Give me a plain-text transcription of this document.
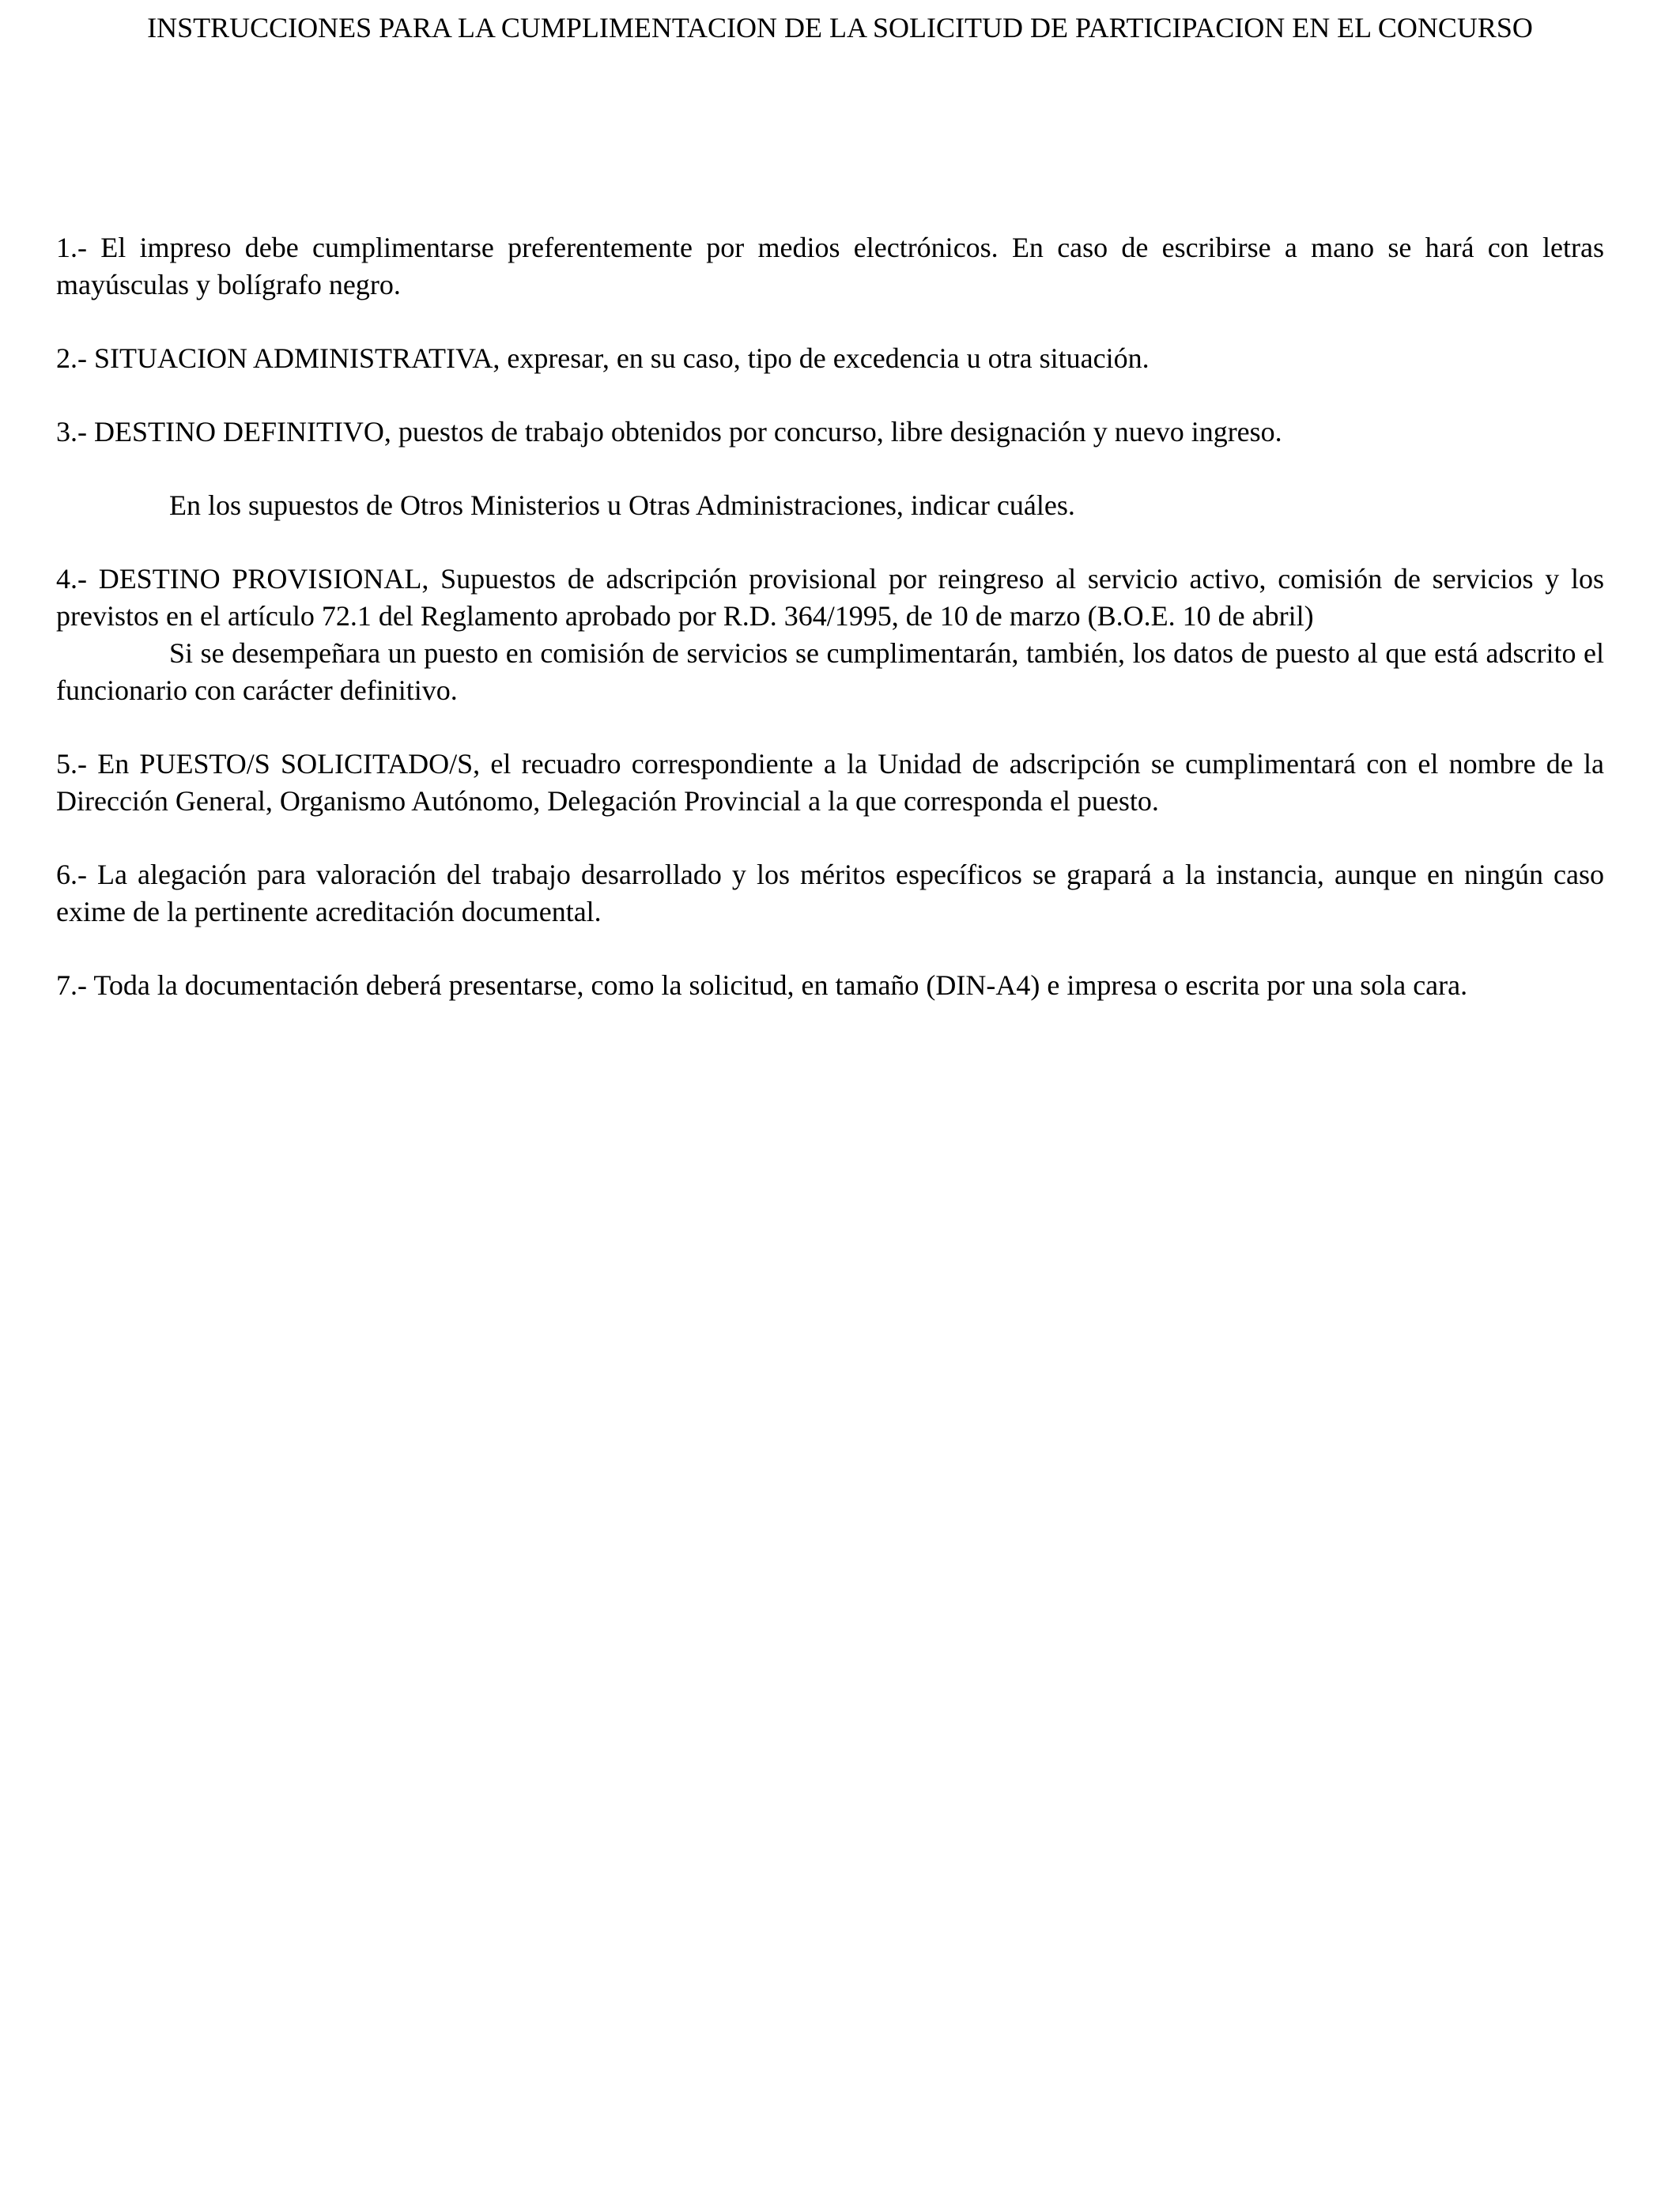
INSTRUCCIONES PARA LA CUMPLIMENTACION DE LA SOLICITUD DE PARTICIPACION EN EL CONCURSO

1.- El impreso debe cumplimentarse preferentemente por medios electrónicos. En caso de escribirse a mano se hará con letras mayúsculas y bolígrafo negro.

2.- SITUACION ADMINISTRATIVA, expresar, en su caso, tipo de excedencia u otra situación.

3.- DESTINO DEFINITIVO, puestos de trabajo obtenidos por concurso, libre designación y nuevo ingreso.

En los supuestos de Otros Ministerios u Otras Administraciones, indicar cuáles.

4.- DESTINO PROVISIONAL, Supuestos de adscripción provisional por reingreso al servicio activo, comisión de servicios y los previstos en el artículo 72.1 del Reglamento aprobado por R.D. 364/1995, de 10 de marzo (B.O.E. 10 de abril)

Si se desempeñara un puesto en comisión de servicios se cumplimentarán, también, los datos de puesto al que está adscrito el funcionario con carácter definitivo.

5.- En PUESTO/S SOLICITADO/S, el recuadro correspondiente a la Unidad de adscripción se cumplimentará con el nombre de la Dirección General, Organismo Autónomo, Delegación Provincial a la que corresponda el puesto.

6.- La alegación para valoración del trabajo desarrollado y los méritos específicos se grapará a la instancia, aunque en ningún caso exime de la pertinente acreditación documental.

7.- Toda la documentación deberá presentarse, como la solicitud, en tamaño (DIN-A4) e impresa o escrita por una sola cara.
